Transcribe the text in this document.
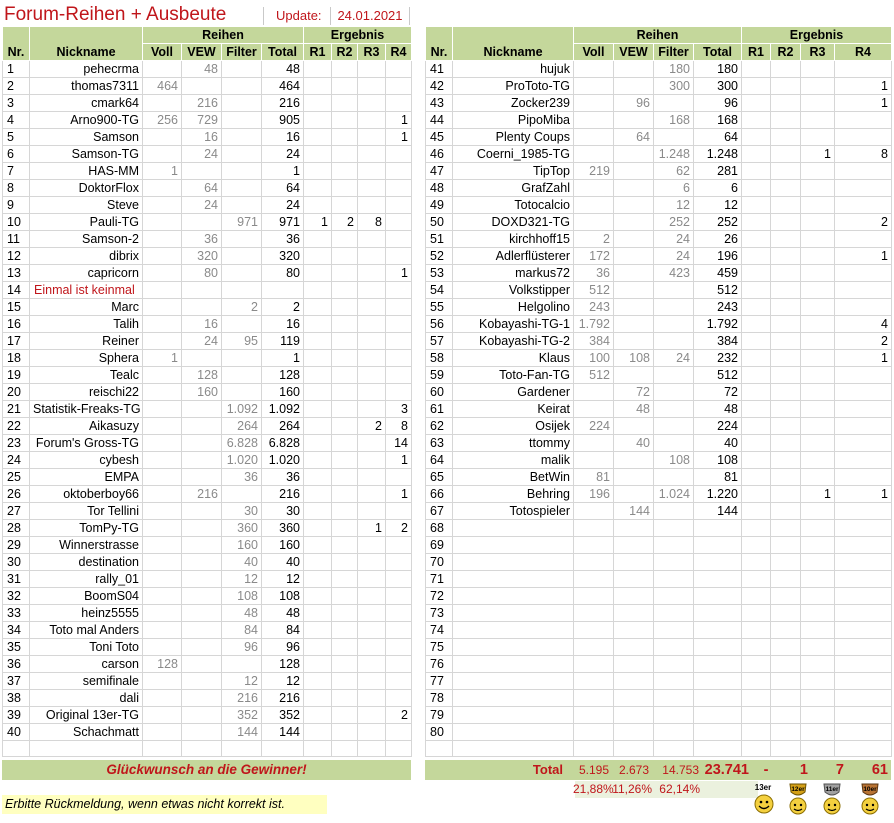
Forum-Reihen + Ausbeute	Update:	24.01.2021
Nr.	Nickname	Reihen				Ergebnis			
		Voll	VEW	Filter	Total	R1	R2	R3	R4
1	pehecrma		48		48				
2	thomas7311	464			464				
3	cmark64		216		216				
4	Arno900-TG	256	729		905				1
5	Samson		16		16				1
6	Samson-TG		24		24				
7	HAS-MM	1			1				
8	DoktorFlox		64		64				
9	Steve		24		24				
10	Pauli-TG			971	971	1	2	8	
11	Samson-2		36		36				
12	dibrix		320		320				
13	capricorn		80		80				1
14	Einmal ist keinmal								
15	Marc			2	2				
16	Talih		16		16				
17	Reiner		24	95	119				
18	Sphera	1			1				
19	Tealc		128		128				
20	reischi22		160		160				
21	Statistik-Freaks-TG			1.092	1.092				3
22	Aikasuzy			264	264			2	8
23	Forum's Gross-TG			6.828	6.828				14
24	cybesh			1.020	1.020				1
25	EMPA			36	36				
26	oktoberboy66		216		216				1
27	Tor Tellini			30	30				
28	TomPy-TG			360	360			1	2
29	Winnerstrasse			160	160				
30	destination			40	40				
31	rally_01			12	12				
32	BoomS04			108	108				
33	heinz5555			48	48				
34	Toto mal Anders			84	84				
35	Toni Toto			96	96				
36	carson	128			128				
37	semifinale			12	12				
38	dali			216	216				
39	Original 13er-TG			352	352				2
40	Schachmatt			144	144				

Nr.	Nickname	Reihen				Ergebnis			
		Voll	VEW	Filter	Total	R1	R2	R3	R4
41	hujuk			180	180				
42	ProToto-TG			300	300				1
43	Zocker239		96		96				1
44	PipoMiba			168	168				
45	Plenty Coups		64		64				
46	Coerni_1985-TG			1.248	1.248			1	8
47	TipTop	219		62	281				
48	GrafZahl			6	6				
49	Totocalcio			12	12				
50	DOXD321-TG			252	252				2
51	kirchhoff15	2		24	26				
52	Adlerflüsterer	172		24	196				1
53	markus72	36		423	459				
54	Volkstipper	512			512				
55	Helgolino	243			243				
56	Kobayashi-TG-1	1.792			1.792				4
57	Kobayashi-TG-2	384			384				2
58	Klaus	100	108	24	232				1
59	Toto-Fan-TG	512			512				
60	Gardener		72		72				
61	Keirat		48		48				
62	Osijek	224			224				
63	ttommy		40		40				
64	malik			108	108				
65	BetWin	81			81				
66	Behring	196		1.024	1.220			1	1
67	Totospieler		144		144				
68									
69									
70									
71									
72									
73									
74									
75									
76									
77									
78									
79									
80									

Glückwunsch an die Gewinner!	Total	5.195 2.673	14.753 23.741	-	1	7	61
21,88%
11,26% 62,14%
Erbitte Rückmeldung, wenn etwas nicht korrekt ist.
13er	12er	11er	10er
